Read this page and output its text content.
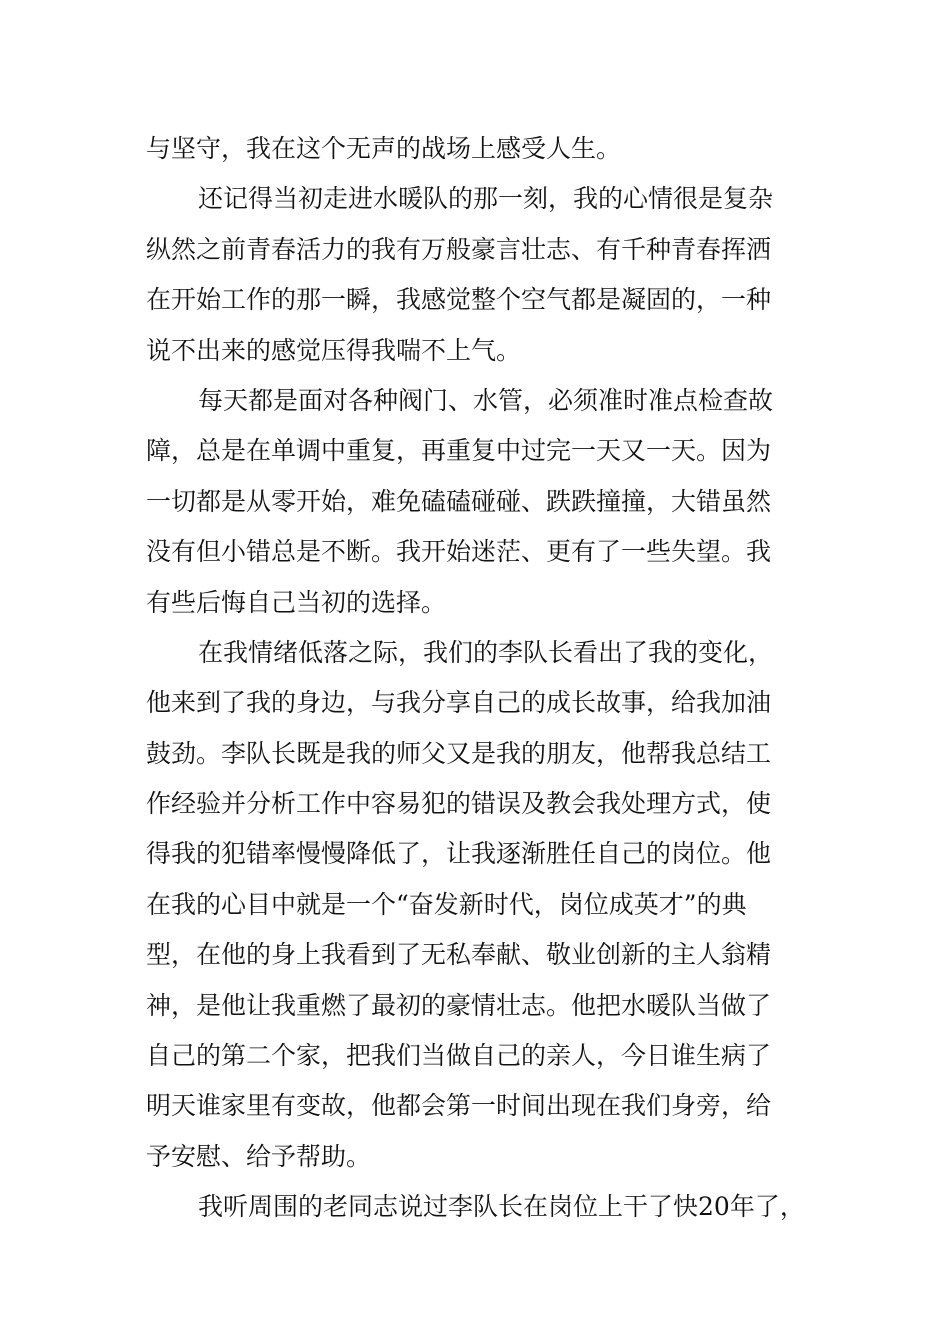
与坚守，我在这个无声的战场上感受人生。
还记得当初走进水暖队的那一刻，我的心情很是复杂
纵然之前青春活力的我有万般豪言壮志、有千种青春挥洒
在开始工作的那一瞬，我感觉整个空气都是凝固的，一种
说不出来的感觉压得我喘不上气。
每天都是面对各种阀门、水管，必须准时准点检查故
障，总是在单调中重复，再重复中过完一天又一天。因为
一切都是从零开始，难免磕磕碰碰、跌跌撞撞，大错虽然
没有但小错总是不断。我开始迷茫、更有了一些失望。我
有些后悔自己当初的选择。
在我情绪低落之际，我们的李队长看出了我的变化，
他来到了我的身边，与我分享自己的成长故事，给我加油
鼓劲。李队长既是我的师父又是我的朋友，他帮我总结工
作经验并分析工作中容易犯的错误及教会我处理方式，使
得我的犯错率慢慢降低了，让我逐渐胜任自己的岗位。他
在我的心目中就是一个“奋发新时代，岗位成英才”的典
型，在他的身上我看到了无私奉献、敬业创新的主人翁精
神，是他让我重燃了最初的豪情壮志。他把水暖队当做了
自己的第二个家，把我们当做自己的亲人，今日谁生病了
明天谁家里有变故，他都会第一时间出现在我们身旁，给
予安慰、给予帮助。
我听周围的老同志说过李队长在岗位上干了快20年了，
